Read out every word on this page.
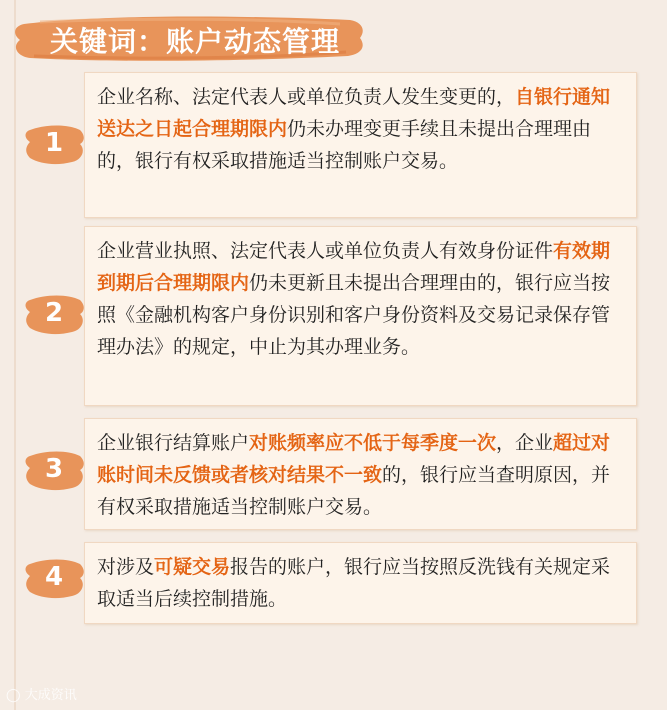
关键词：账户动态管理
1
企业名称、法定代表人或单位负责人发生变更的，自银行通知送达之日起合理期限内仍未办理变更手续且未提出合理理由的，银行有权采取措施适当控制账户交易。
2
企业营业执照、法定代表人或单位负责人有效身份证件有效期到期后合理期限内仍未更新且未提出合理理由的，银行应当按照《金融机构客户身份识别和客户身份资料及交易记录保存管理办法》的规定，中止为其办理业务。
3
企业银行结算账户对账频率应不低于每季度一次，企业超过对账时间未反馈或者核对结果不一致的，银行应当查明原因，并有权采取措施适当控制账户交易。
4	对涉及可疑交易报告的账户，银行应当按照反洗钱有关规定采取适当后续控制措施。
◯ 大成资讯
